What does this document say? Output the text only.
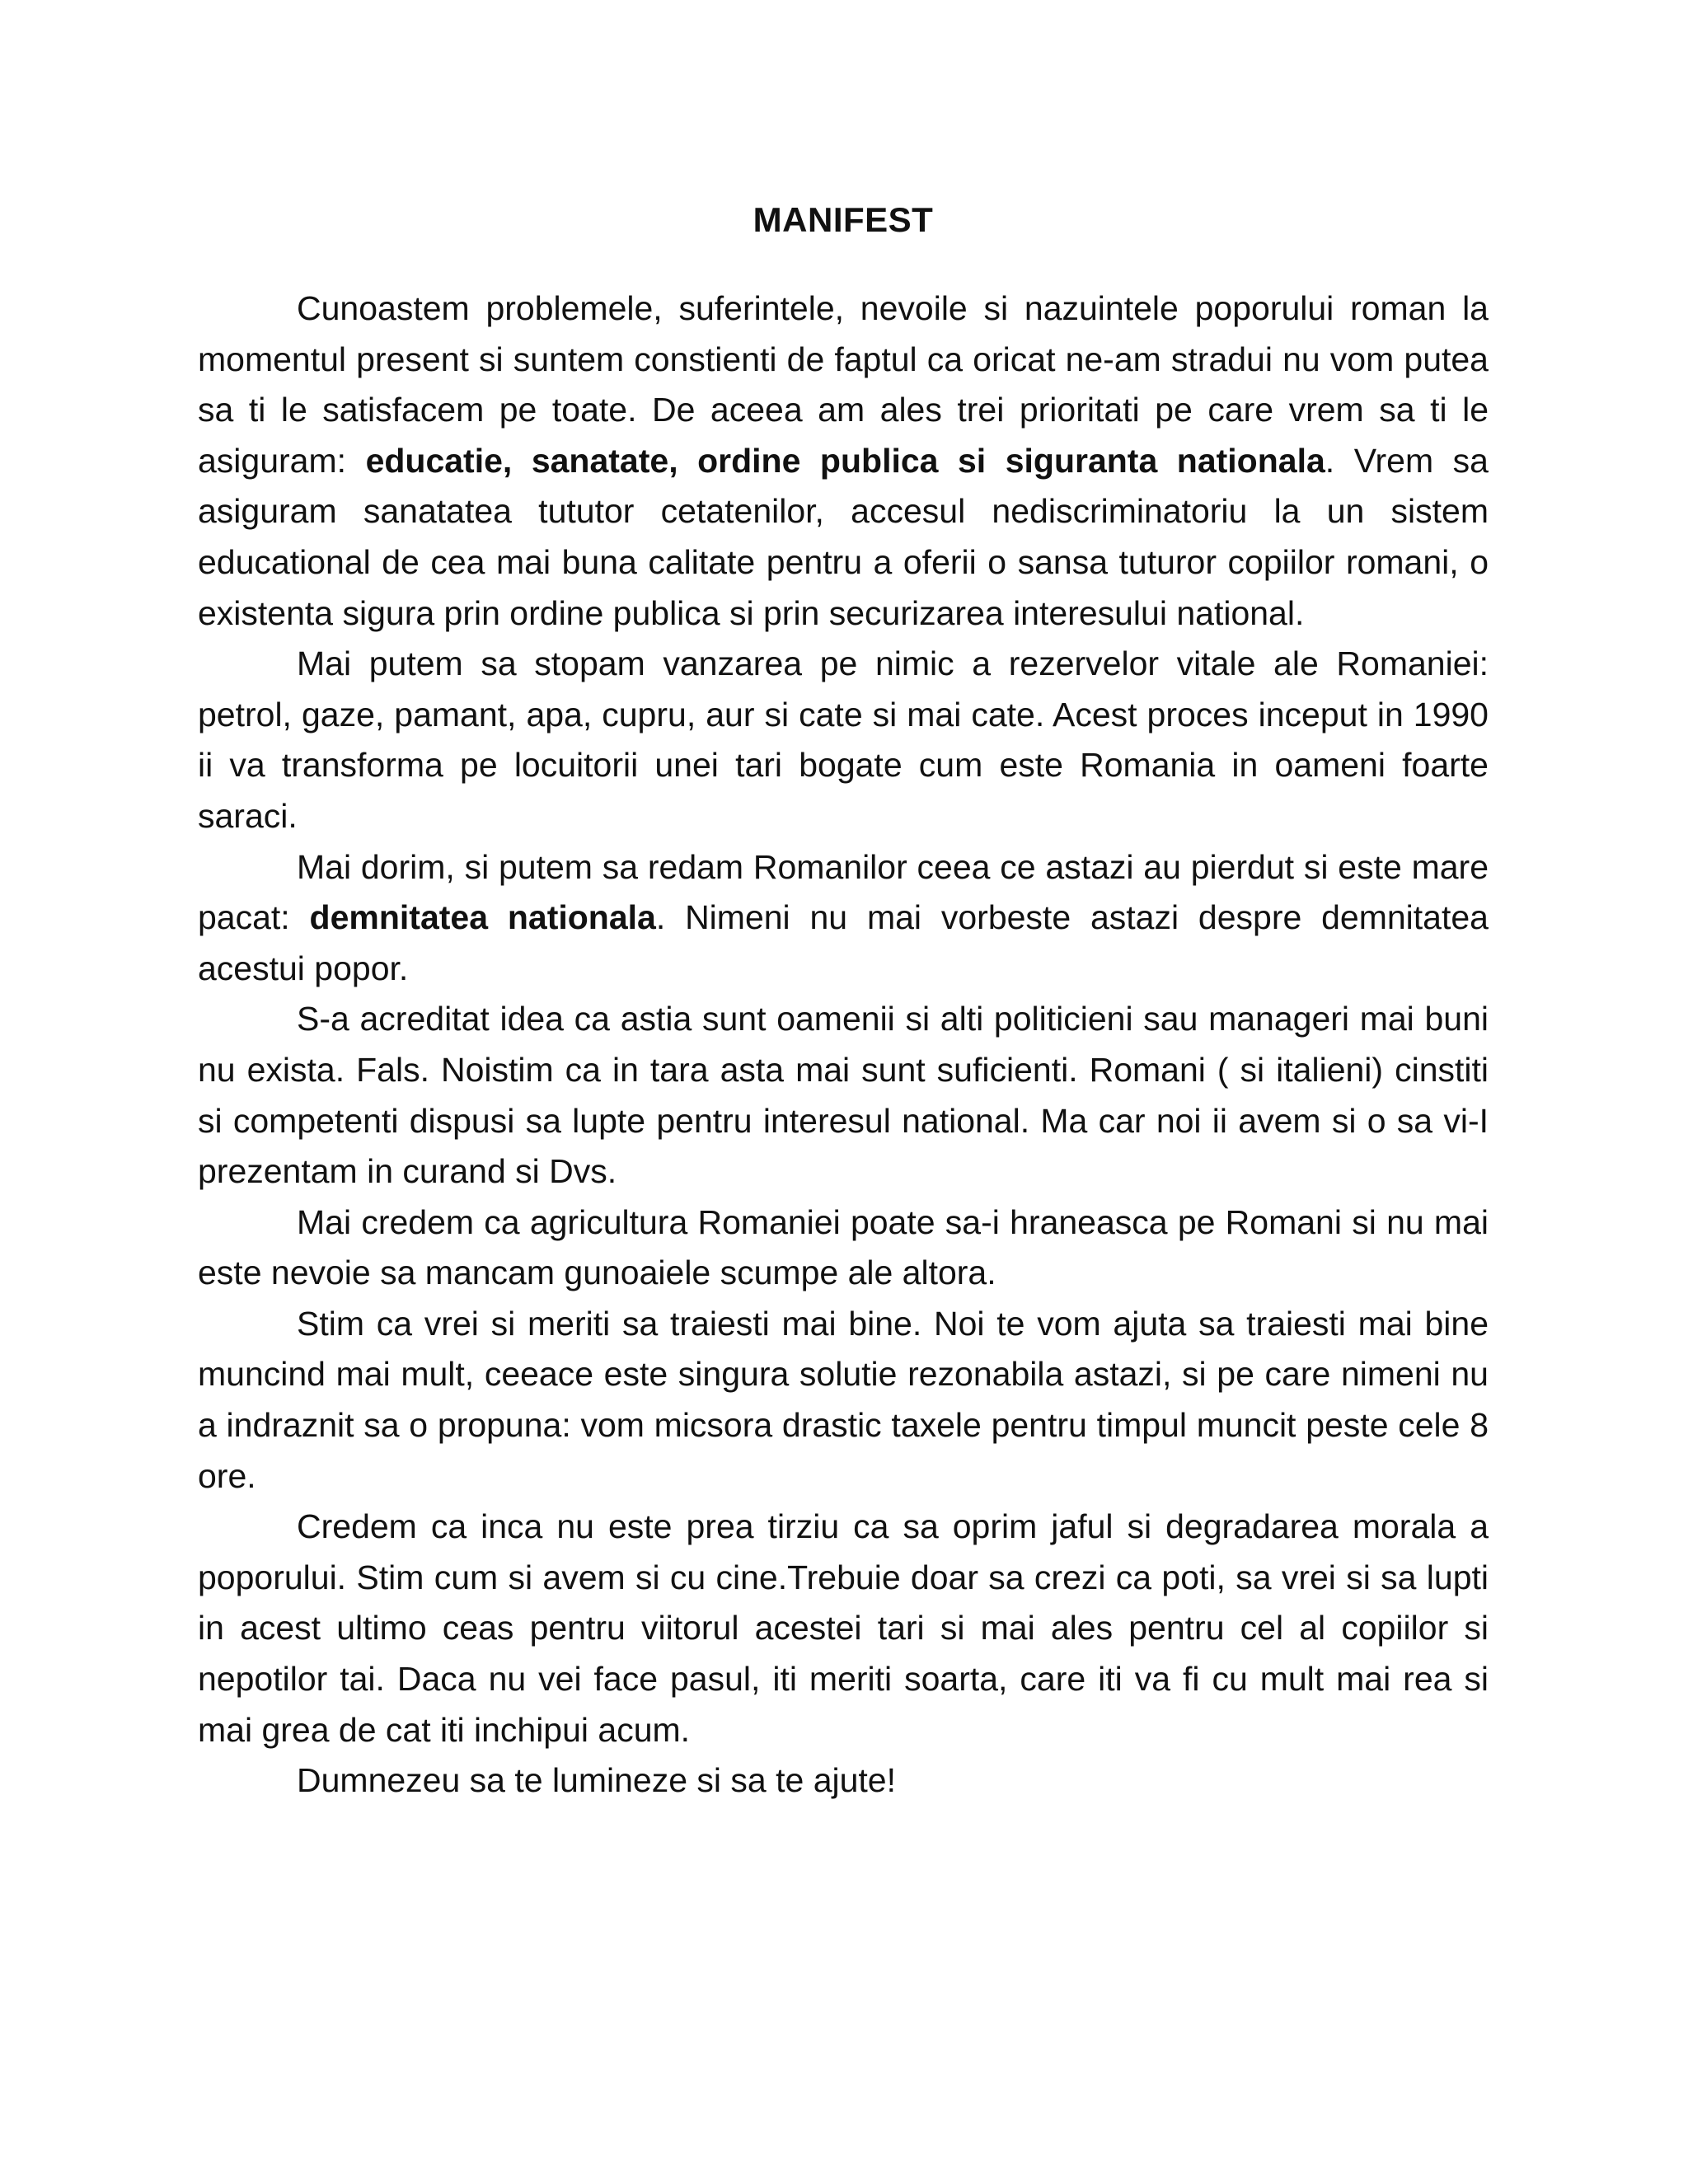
MANIFEST

Cunoastem problemele, suferintele, nevoile si nazuintele poporului roman la momentul present si suntem constienti de faptul ca oricat ne-am stradui nu vom putea sa ti le satisfacem pe toate. De aceea am ales trei prioritati pe care vrem sa ti le asiguram: educatie, sanatate, ordine publica si siguranta nationala. Vrem sa asiguram sanatatea tututor cetatenilor, accesul nediscriminatoriu la un sistem educational de cea mai buna calitate pentru a oferii o sansa tuturor copiilor romani, o existenta sigura prin ordine publica si prin securizarea interesului national.

Mai putem sa stopam vanzarea pe nimic a rezervelor vitale ale Romaniei: petrol, gaze, pamant, apa, cupru, aur si cate si mai cate. Acest proces inceput in 1990 ii va transforma pe locuitorii unei tari bogate cum este Romania in oameni foarte saraci.

Mai dorim, si putem sa redam Romanilor ceea ce astazi au pierdut si este mare pacat: demnitatea nationala. Nimeni nu mai vorbeste astazi despre demnitatea acestui popor.

S-a acreditat idea ca astia sunt oamenii si alti politicieni sau manageri mai buni nu exista. Fals. Noistim ca in tara asta mai sunt suficienti. Romani ( si italieni) cinstiti si competenti dispusi sa lupte pentru interesul national. Ma car noi ii avem si o sa vi-I prezentam in curand si Dvs.

Mai credem ca agricultura Romaniei poate sa-i hraneasca pe Romani si nu mai este nevoie sa mancam gunoaiele scumpe ale altora.

Stim ca vrei si meriti sa traiesti mai bine. Noi te vom ajuta sa traiesti mai bine muncind mai mult, ceeace este singura solutie rezonabila astazi, si pe care nimeni nu a indraznit sa o propuna: vom micsora drastic taxele pentru timpul muncit peste cele 8 ore.

Credem ca inca nu este prea tirziu ca sa oprim jaful si degradarea morala a poporului. Stim cum si avem si cu cine.Trebuie doar sa crezi ca poti, sa vrei si sa lupti in acest ultimo ceas pentru viitorul acestei tari si mai ales pentru cel al copiilor si nepotilor tai. Daca nu vei face pasul, iti meriti soarta, care iti va fi cu mult mai rea si mai grea de cat iti inchipui acum.

Dumnezeu sa te lumineze si sa te ajute!
